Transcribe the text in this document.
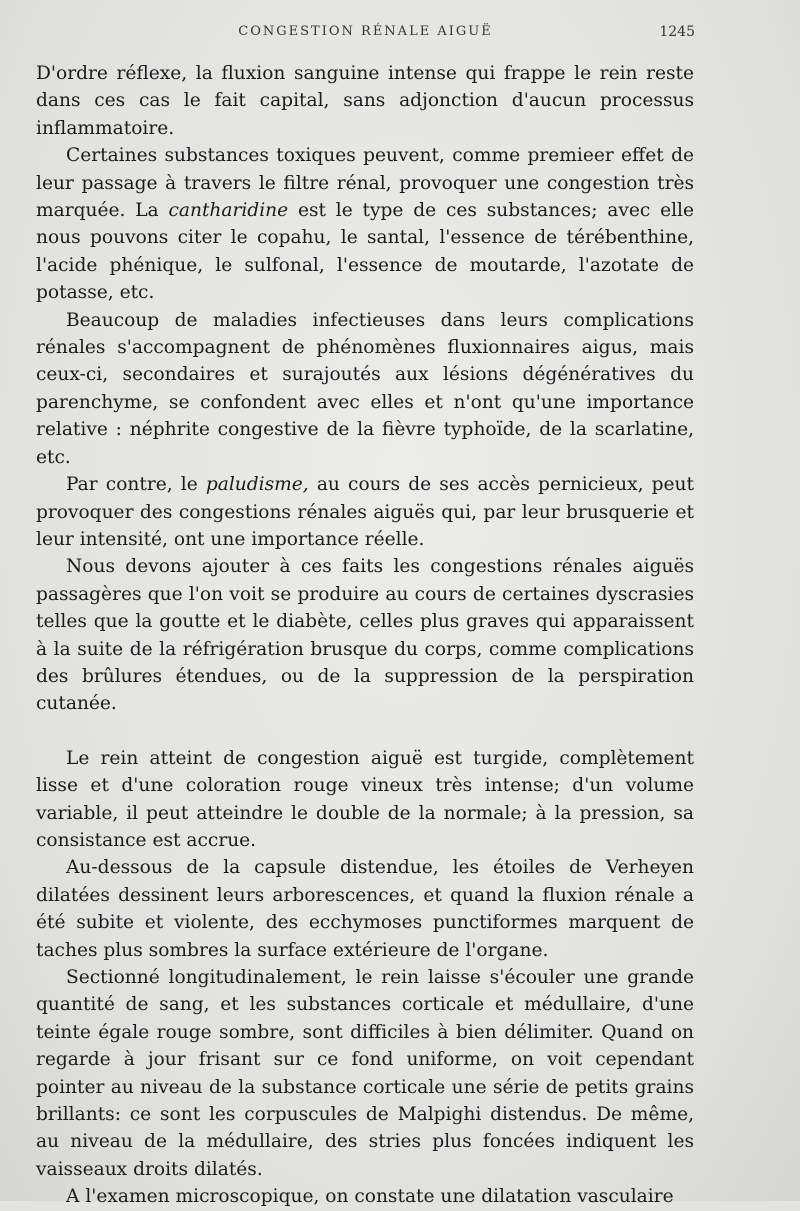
CONGESTION RÉNALE AIGUË	1245

D'ordre réflexe, la fluxion sanguine intense qui frappe le rein reste dans ces cas le fait capital, sans adjonction d'aucun processus inflammatoire.

Certaines substances toxiques peuvent, comme premieer effet de leur passage à travers le filtre rénal, provoquer une congestion très marquée. La cantharidine est le type de ces substances; avec elle nous pouvons citer le copahu, le santal, l'essence de térébenthine, l'acide phénique, le sulfonal, l'essence de moutarde, l'azotate de potasse, etc.

Beaucoup de maladies infectieuses dans leurs complications rénales s'accompagnent de phénomènes fluxionnaires aigus, mais ceux-ci, secondaires et surajoutés aux lésions dégénératives du parenchyme, se confondent avec elles et n'ont qu'une importance relative : néphrite congestive de la fièvre typhoïde, de la scarlatine, etc.

Par contre, le paludisme, au cours de ses accès pernicieux, peut provoquer des congestions rénales aiguës qui, par leur brusquerie et leur intensité, ont une importance réelle.

Nous devons ajouter à ces faits les congestions rénales aiguës passagères que l'on voit se produire au cours de certaines dyscrasies telles que la goutte et le diabète, celles plus graves qui apparaissent à la suite de la réfrigération brusque du corps, comme complications des brûlures étendues, ou de la suppression de la perspiration cutanée.

Le rein atteint de congestion aiguë est turgide, complètement lisse et d'une coloration rouge vineux très intense; d'un volume variable, il peut atteindre le double de la normale; à la pression, sa consistance est accrue.

Au-dessous de la capsule distendue, les étoiles de Verheyen dilatées dessinent leurs arborescences, et quand la fluxion rénale a été subite et violente, des ecchymoses punctiformes marquent de taches plus sombres la surface extérieure de l'organe.

Sectionné longitudinalement, le rein laisse s'écouler une grande quantité de sang, et les substances corticale et médullaire, d'une teinte égale rouge sombre, sont difficiles à bien délimiter. Quand on regarde à jour frisant sur ce fond uniforme, on voit cependant pointer au niveau de la substance corticale une série de petits grains brillants: ce sont les corpuscules de Malpighi distendus. De même, au niveau de la médullaire, des stries plus foncées indiquent les vaisseaux droits dilatés.

A l'examen microscopique, on constate une dilatation vasculaire
